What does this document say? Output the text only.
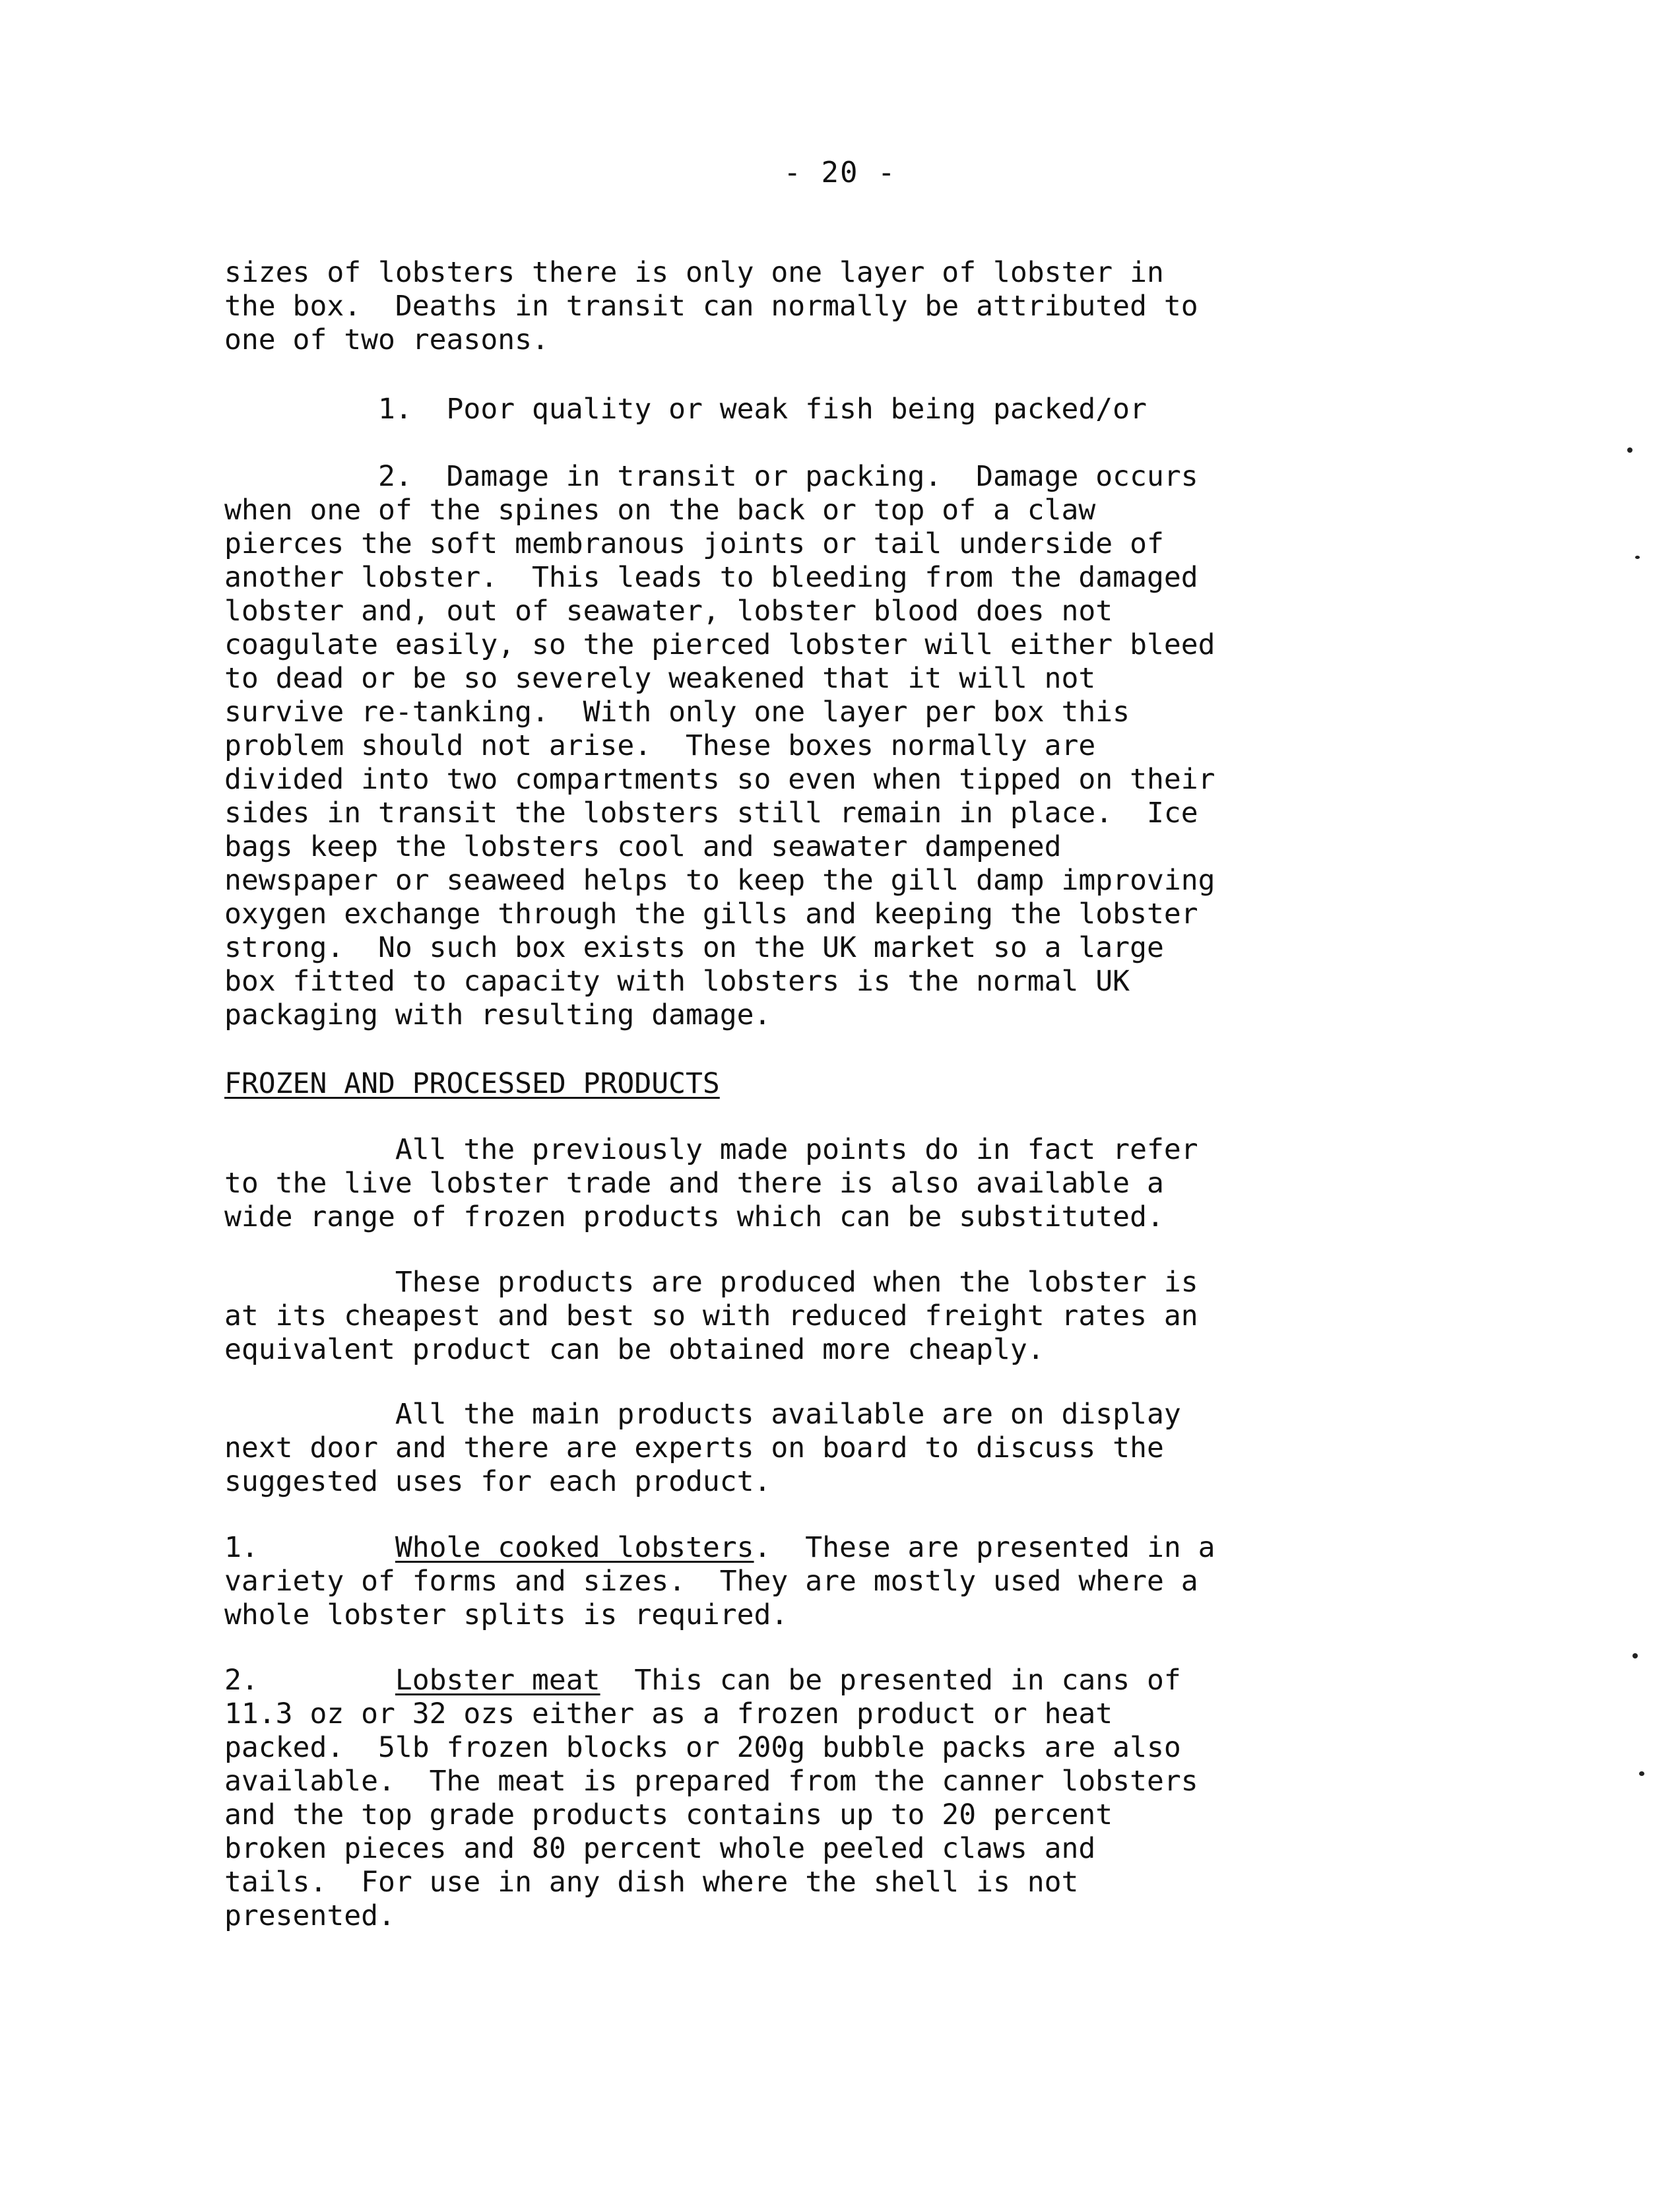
- 20 -
sizes of lobsters there is only one layer of lobster in
the box.  Deaths in transit can normally be attributed to
one of two reasons.
1.  Poor quality or weak fish being packed/or
2.  Damage in transit or packing.  Damage occurs
when one of the spines on the back or top of a claw
pierces the soft membranous joints or tail underside of
another lobster.  This leads to bleeding from the damaged
lobster and, out of seawater, lobster blood does not
coagulate easily, so the pierced lobster will either bleed
to dead or be so severely weakened that it will not
survive re-tanking.  With only one layer per box this
problem should not arise.  These boxes normally are
divided into two compartments so even when tipped on their
sides in transit the lobsters still remain in place.  Ice
bags keep the lobsters cool and seawater dampened
newspaper or seaweed helps to keep the gill damp improving
oxygen exchange through the gills and keeping the lobster
strong.  No such box exists on the UK market so a large
box fitted to capacity with lobsters is the normal UK
packaging with resulting damage.
FROZEN AND PROCESSED PRODUCTS
All the previously made points do in fact refer
to the live lobster trade and there is also available a
wide range of frozen products which can be substituted.
These products are produced when the lobster is
at its cheapest and best so with reduced freight rates an
equivalent product can be obtained more cheaply.
All the main products available are on display
next door and there are experts on board to discuss the
suggested uses for each product.
1.	Whole cooked lobsters.  These are presented in a
variety of forms and sizes.  They are mostly used where a
whole lobster splits is required.
2.	Lobster meat  This can be presented in cans of
11.3 oz or 32 ozs either as a frozen product or heat
packed.  5lb frozen blocks or 200g bubble packs are also
available.  The meat is prepared from the canner lobsters
and the top grade products contains up to 20 percent
broken pieces and 80 percent whole peeled claws and
tails.  For use in any dish where the shell is not
presented.
